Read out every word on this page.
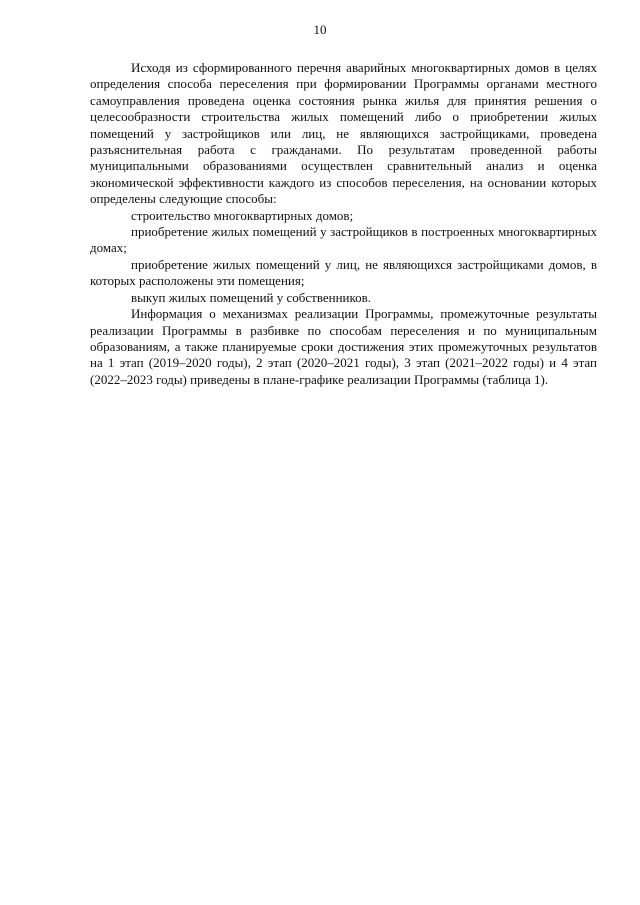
10

Исходя из сформированного перечня аварийных многоквартирных домов в целях определения способа переселения при формировании Программы органами местного самоуправления проведена оценка состояния рынка жилья для принятия решения о целесообразности строительства жилых помещений либо о приобретении жилых помещений у застройщиков или лиц, не являющихся застройщиками, проведена разъяснительная работа с гражданами. По результатам проведенной работы муниципальными образованиями осуществлен сравнительный анализ и оценка экономической эффективности каждого из способов переселения, на основании которых определены следующие способы:

строительство многоквартирных домов;

приобретение жилых помещений у застройщиков в построенных многоквартирных домах;

приобретение жилых помещений у лиц, не являющихся застройщиками домов, в которых расположены эти помещения;

выкуп жилых помещений у собственников.

Информация о механизмах реализации Программы, промежуточные результаты реализации Программы в разбивке по способам переселения и по муниципальным образованиям, а также планируемые сроки достижения этих промежуточных результатов на 1 этап (2019–2020 годы), 2 этап (2020–2021 годы), 3 этап (2021–2022 годы) и 4 этап (2022–2023 годы) приведены в плане-графике реализации Программы (таблица 1).
